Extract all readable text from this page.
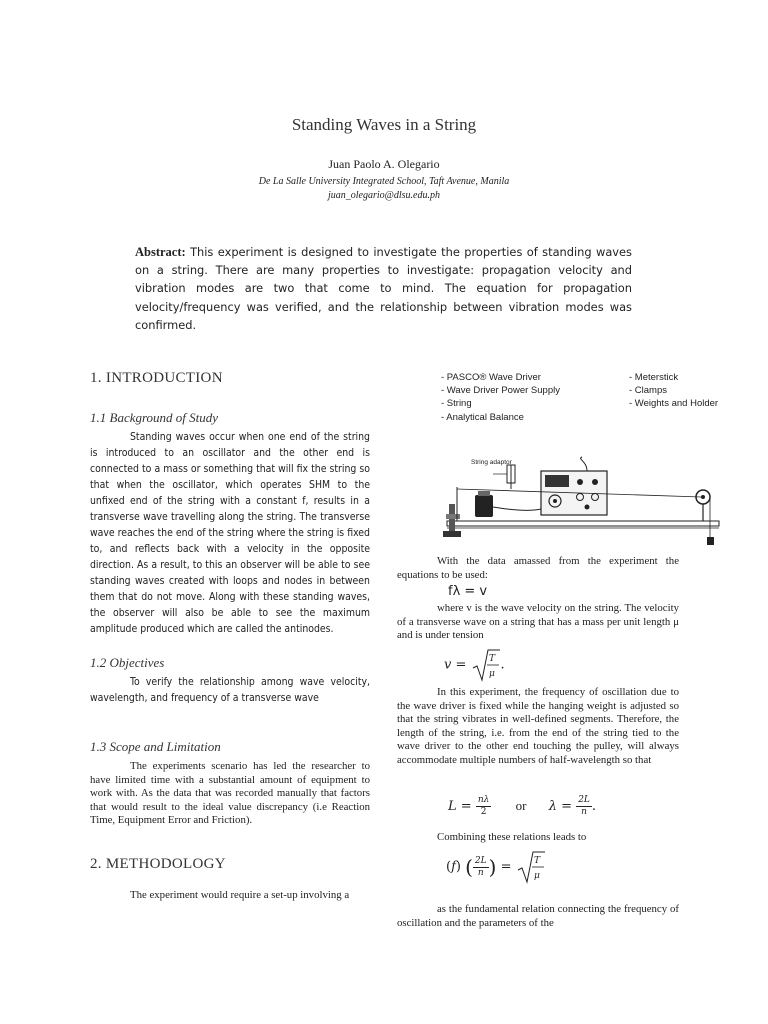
Standing Waves in a String
Juan Paolo A. Olegario
De La Salle University Integrated School, Taft Avenue, Manila
juan_olegario@dlsu.edu.ph
Abstract: This experiment is designed to investigate the properties of standing waves on a string. There are many properties to investigate: propagation velocity and vibration modes are two that come to mind. The equation for propagation velocity/frequency was verified, and the relationship between vibration modes was confirmed.
1. INTRODUCTION
1.1 Background of Study
Standing waves occur when one end of the string is introduced to an oscillator and the other end is connected to a mass or something that will fix the string so that when the oscillator, which operates SHM to the unfixed end of the string with a constant f, results in a transverse wave travelling along the string. The transverse wave reaches the end of the string where the string is fixed to, and reflects back with a velocity in the opposite direction. As a result, to this an observer will be able to see standing waves created with loops and nodes in between them that do not move. Along with these standing waves, the observer will also be able to see the maximum amplitude produced which are called the antinodes.
1.2 Objectives
To verify the relationship among wave velocity, wavelength, and frequency of a transverse wave
1.3 Scope and Limitation
The experiments scenario has led the researcher to have limited time with a substantial amount of equipment to work with. As the data that was recorded manually that factors that would result to the ideal value discrepancy (i.e Reaction Time, Equipment Error and Friction).
2. METHODOLOGY
The experiment would require a set-up involving a
- PASCO® Wave Driver
- Wave Driver Power Supply
- String
- Analytical Balance
- Meterstick
- Clamps
- Weights and Holder
String adaptor
With the data amassed from the experiment the equations to be used:
fλ = v
where v is the wave velocity on the string. The velocity of a transverse wave on a string that has a mass per unit length μ and is under tension
v = T
μ
.
In this experiment, the frequency of oscillation due to the wave driver is fixed while the hanging weight is adjusted so that the string vibrates in well-defined segments. Therefore, the length of the string, i.e. from the end of the string tied to the wave driver to the other end touching the pulley, will always accommodate multiple numbers of half-wavelength so that
$L = \frac{n\lambda}{2}$ or $\lambda = \frac{2L}{n}$.
Combining these relations leads to
(f) ( $\frac{2L}{n}) = T$
μ
as the fundamental relation connecting the frequency of oscillation and the parameters of the
